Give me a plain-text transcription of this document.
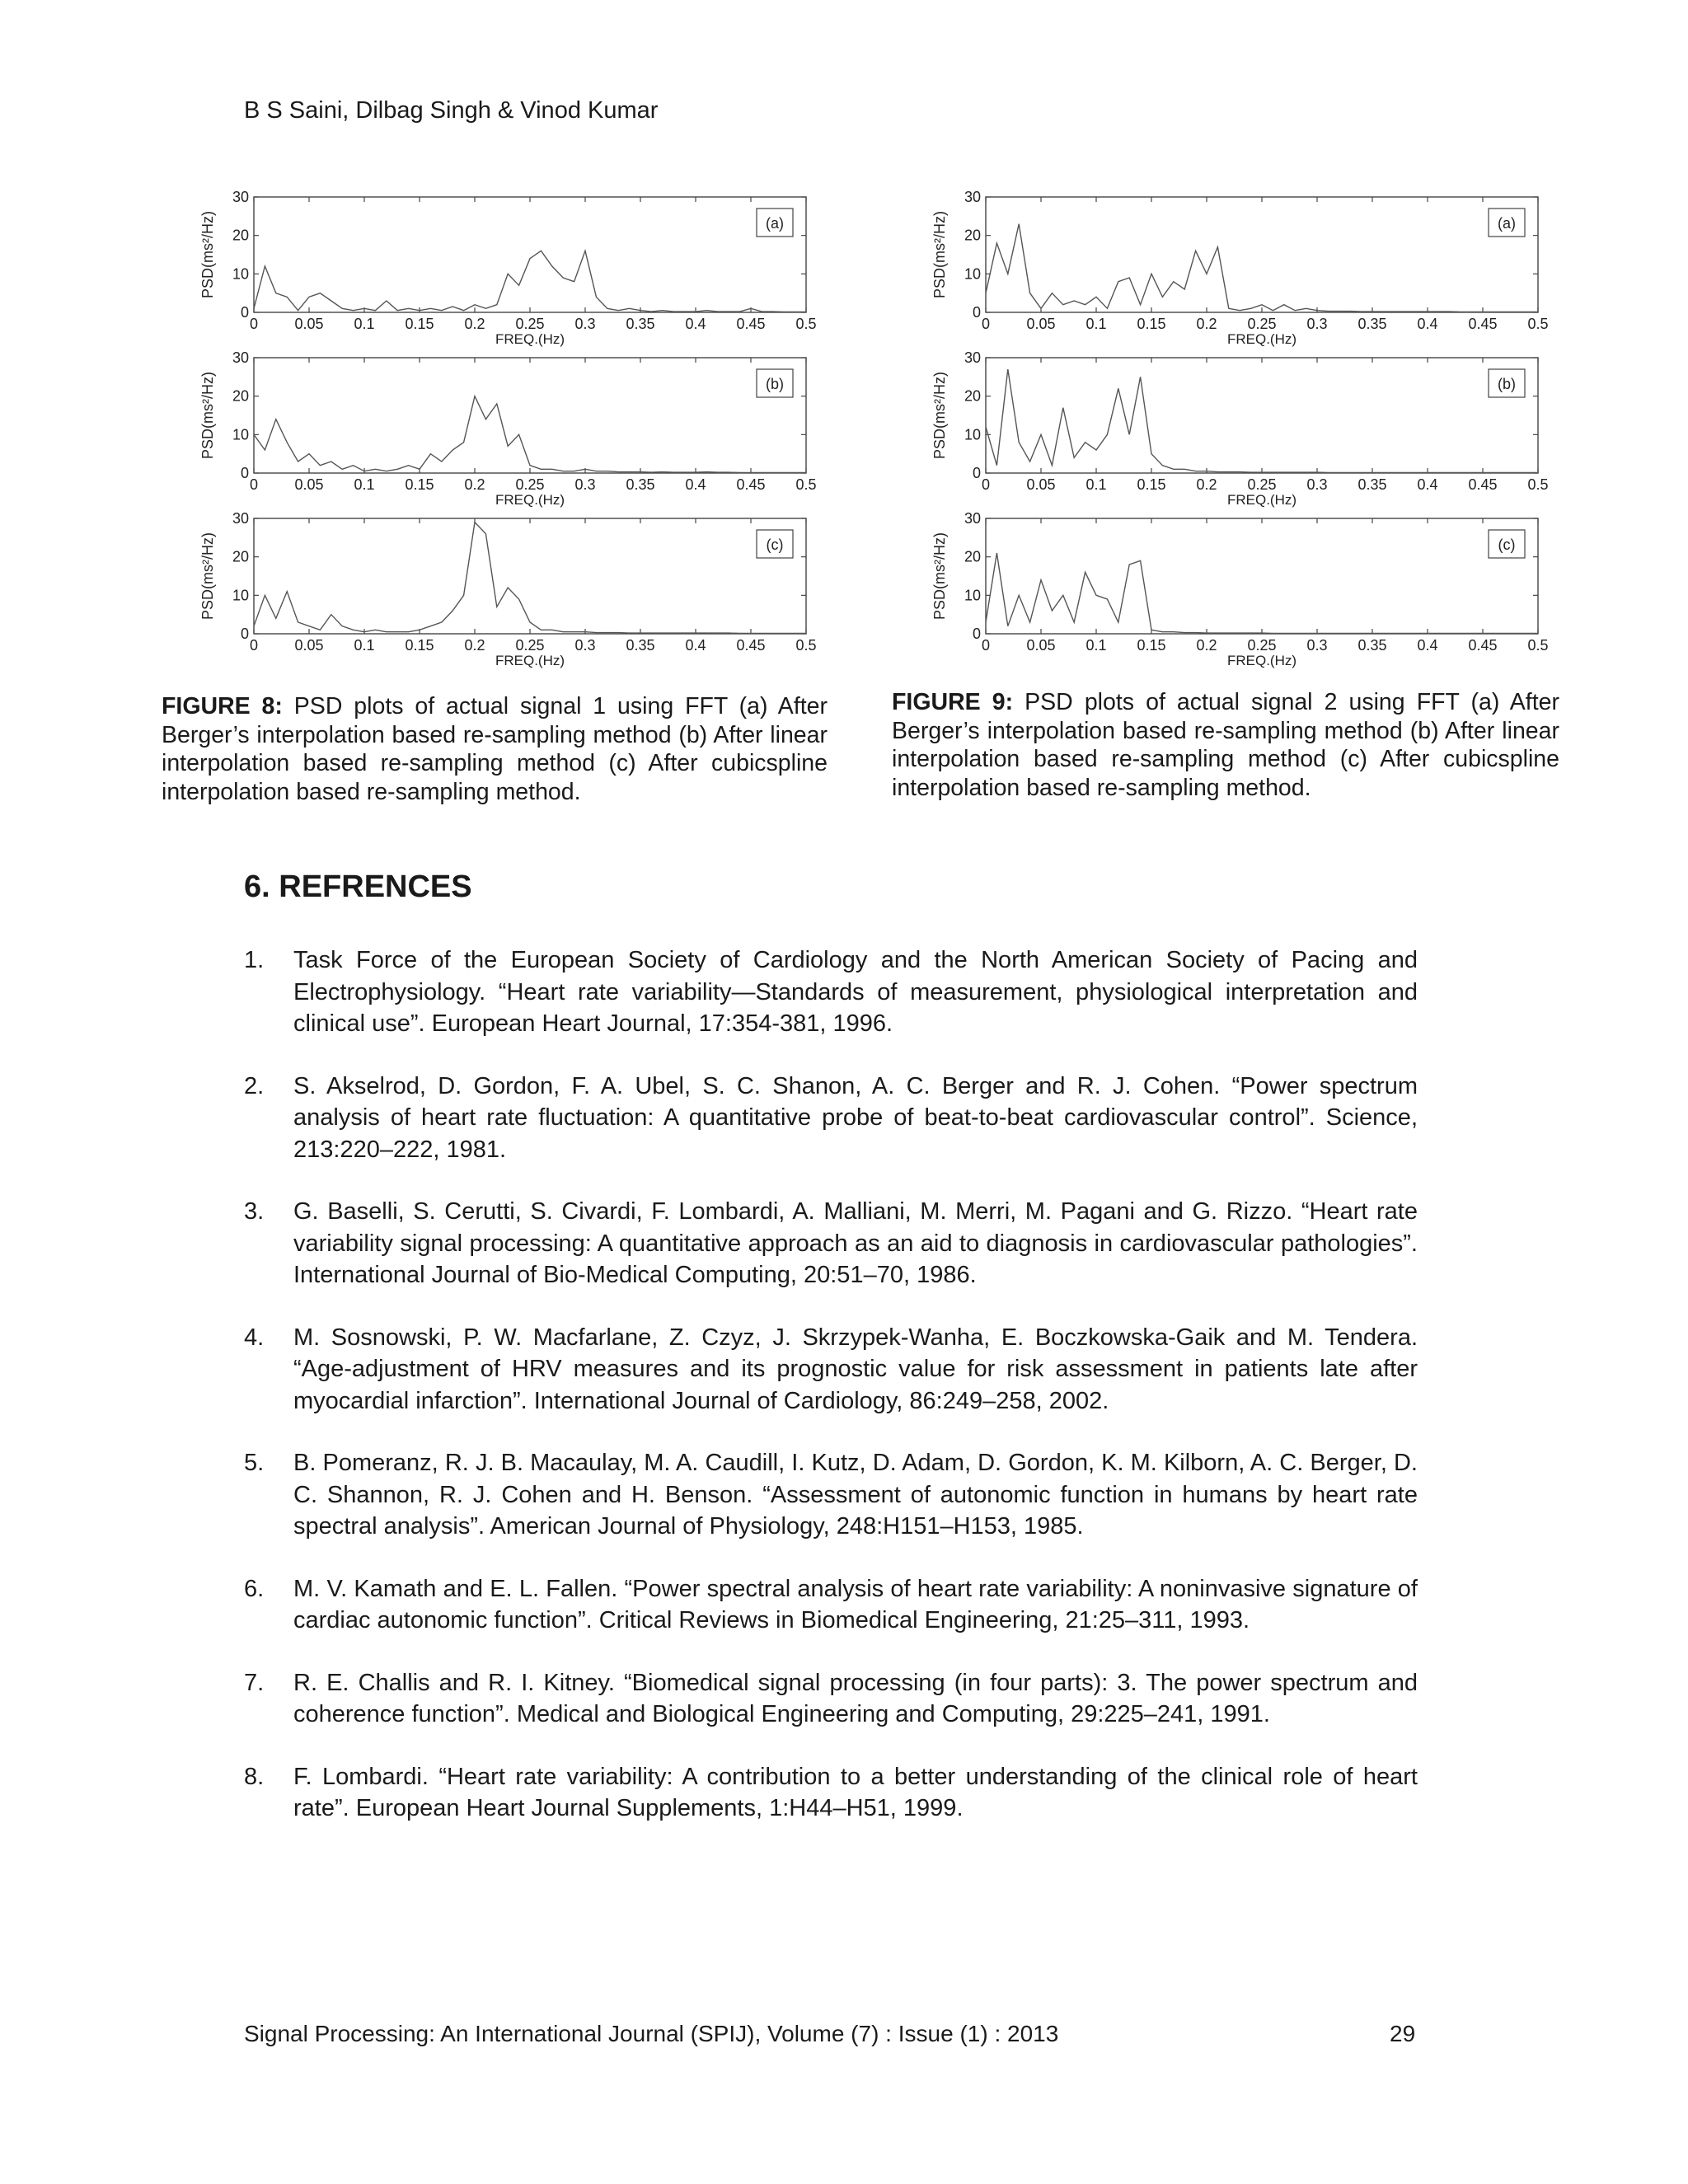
B S Saini, Dilbag Singh & Vinod Kumar
0 0.05 0.1 0.15 0.2 0.25 0.3 0.35 0.4 0.45 0.5
0
10
20
30
(a)
FREQ.(Hz)
PSD(ms²/Hz)
0 0.05 0.1 0.15 0.2 0.25 0.3 0.35 0.4 0.45 0.5
0
10
20
30
(b)
FREQ.(Hz)
PSD(ms²/Hz)
0 0.05 0.1 0.15 0.2 0.25 0.3 0.35 0.4 0.45 0.5
0
10
20
30
(c)
FREQ.(Hz)
PSD(ms²/Hz)
0 0.05 0.1 0.15 0.2 0.25 0.3 0.35 0.4 0.45 0.5
0
10
20
30
(a)
FREQ.(Hz)
PSD(ms²/Hz)
0 0.05 0.1 0.15 0.2 0.25 0.3 0.35 0.4 0.45 0.5
0
10
20
30
(b)
FREQ.(Hz)
PSD(ms²/Hz)
0 0.05 0.1 0.15 0.2 0.25 0.3 0.35 0.4 0.45 0.5
0
10
20
30
(c)
FREQ.(Hz)
PSD(ms²/Hz)
FIGURE 8: PSD plots of actual signal 1 using FFT (a) After Berger’s interpolation based re-sampling method (b) After linear interpolation based re-sampling method (c) After cubicspline interpolation based re-sampling method.
FIGURE 9: PSD plots of actual signal 2 using FFT (a) After Berger’s interpolation based re-sampling method (b) After linear interpolation based re-sampling method (c) After cubicspline interpolation based re-sampling method.
6. REFRENCES
1. Task Force of the European Society of Cardiology and the North American Society of Pacing and Electrophysiology. “Heart rate variability—Standards of measurement, physiological interpretation and clinical use”. European Heart Journal, 17:354-381, 1996.
2. S. Akselrod, D. Gordon, F. A. Ubel, S. C. Shanon, A. C. Berger and R. J. Cohen. “Power spectrum analysis of heart rate fluctuation: A quantitative probe of beat-to-beat cardiovascular control”. Science, 213:220–222, 1981.
3. G. Baselli, S. Cerutti, S. Civardi, F. Lombardi, A. Malliani, M. Merri, M. Pagani and G. Rizzo. “Heart rate variability signal processing: A quantitative approach as an aid to diagnosis in cardiovascular pathologies”. International Journal of Bio-Medical Computing, 20:51–70, 1986.
4. M. Sosnowski, P. W. Macfarlane, Z. Czyz, J. Skrzypek-Wanha, E. Boczkowska-Gaik and M. Tendera. “Age-adjustment of HRV measures and its prognostic value for risk assessment in patients late after myocardial infarction”. International Journal of Cardiology, 86:249–258, 2002.
5. B. Pomeranz, R. J. B. Macaulay, M. A. Caudill, I. Kutz, D. Adam, D. Gordon, K. M. Kilborn, A. C. Berger, D. C. Shannon, R. J. Cohen and H. Benson. “Assessment of autonomic function in humans by heart rate spectral analysis”. American Journal of Physiology, 248:H151–H153, 1985.
6. M. V. Kamath and E. L. Fallen. “Power spectral analysis of heart rate variability: A noninvasive signature of cardiac autonomic function”. Critical Reviews in Biomedical Engineering, 21:25–311, 1993.
7. R. E. Challis and R. I. Kitney. “Biomedical signal processing (in four parts): 3. The power spectrum and coherence function”. Medical and Biological Engineering and Computing, 29:225–241, 1991.
8. F. Lombardi. “Heart rate variability: A contribution to a better understanding of the clinical role of heart rate”. European Heart Journal Supplements, 1:H44–H51, 1999.
Signal Processing: An International Journal (SPIJ), Volume (7) : Issue (1) : 2013	29
